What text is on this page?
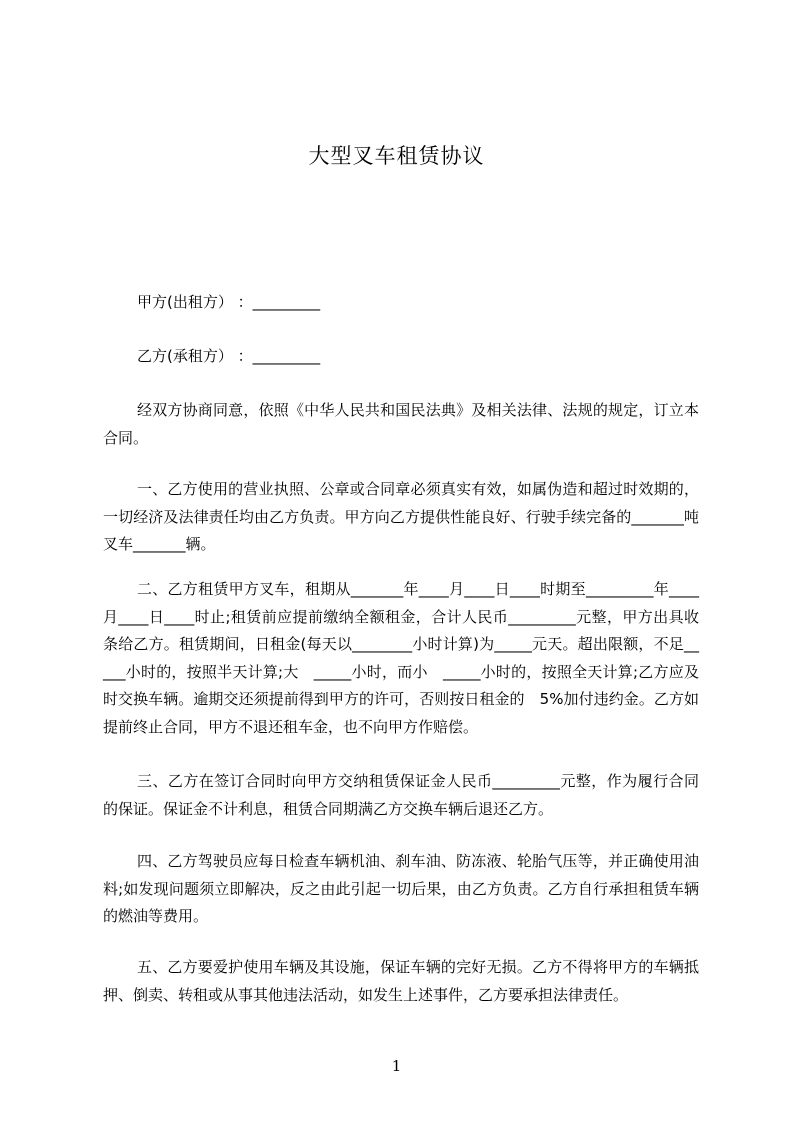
大型叉车租赁协议

甲方(出租方） ：_________

乙方(承租方） ：_________

经双方协商同意，依照《中华人民共和国民法典》及相关法律、法规的规定，订立本合同。

一、乙方使用的营业执照、公章或合同章必须真实有效，如属伪造和超过时效期的，一切经济及法律责任均由乙方负责。甲方向乙方提供性能良好、行驶手续完备的_______吨叉车_______辆。

二、乙方租赁甲方叉车，租期从_______年____月____日____时期至_________年____月____日____时止;租赁前应提前缴纳全额租金，合计人民币_________元整，甲方出具收条给乙方。租赁期间，日租金(每天以________小时计算)为_____元天。超出限额，不足_____小时的，按照半天计算;大　_____小时，而小　_____小时的，按照全天计算;乙方应及时交换车辆。逾期交还须提前得到甲方的许可，否则按日租金的　5%加付违约金。乙方如提前终止合同，甲方不退还租车金，也不向甲方作赔偿。

三、乙方在签订合同时向甲方交纳租赁保证金人民币_________元整，作为履行合同的保证。保证金不计利息，租赁合同期满乙方交换车辆后退还乙方。

四、乙方驾驶员应每日检查车辆机油、刹车油、防冻液、轮胎气压等，并正确使用油料;如发现问题须立即解决，反之由此引起一切后果，由乙方负责。乙方自行承担租赁车辆的燃油等费用。

五、乙方要爱护使用车辆及其设施，保证车辆的完好无损。乙方不得将甲方的车辆抵押、倒卖、转租或从事其他违法活动，如发生上述事件，乙方要承担法律责任。

1
